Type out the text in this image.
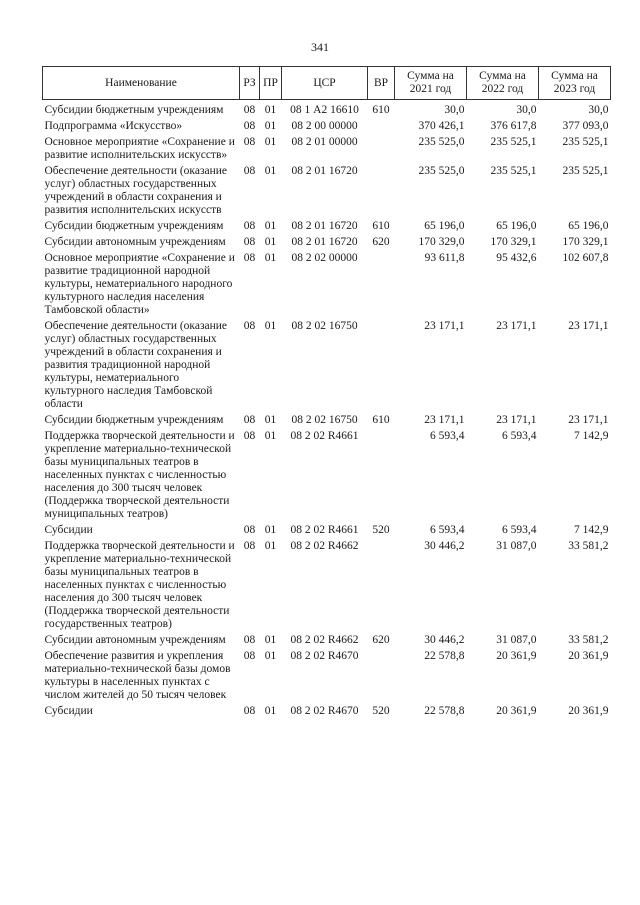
341
Наименование	РЗ	ПР	ЦСР	ВР	Сумма на 2021 год	Сумма на 2022 год	Сумма на 2023 год
Субсидии бюджетным учреждениям	08	01	08 1 А2 16610	610	30,0	30,0	30,0
Подпрограмма «Искусство»	08	01	08 2 00 00000		370 426,1	376 617,8	377 093,0
Основное мероприятие «Сохранение и развитие исполнительских искусств»	08	01	08 2 01 00000		235 525,0	235 525,1	235 525,1
Обеспечение деятельности (оказание услуг) областных государственных учреждений в области сохранения и развития исполнительских искусств	08	01	08 2 01 16720		235 525,0	235 525,1	235 525,1
Субсидии бюджетным учреждениям	08	01	08 2 01 16720	610	65 196,0	65 196,0	65 196,0
Субсидии автономным учреждениям	08	01	08 2 01 16720	620	170 329,0	170 329,1	170 329,1
Основное мероприятие «Сохранение и развитие традиционной народной культуры, нематериального народного культурного наследия населения Тамбовской области»	08	01	08 2 02 00000		93 611,8	95 432,6	102 607,8
Обеспечение деятельности (оказание услуг) областных государственных учреждений в области сохранения и развития традиционной народной культуры, нематериального культурного наследия Тамбовской области	08	01	08 2 02 16750		23 171,1	23 171,1	23 171,1
Субсидии бюджетным учреждениям	08	01	08 2 02 16750	610	23 171,1	23 171,1	23 171,1
Поддержка творческой деятельности и укрепление материально-технической базы муниципальных театров в населенных пунктах с численностью населения до 300 тысяч человек (Поддержка творческой деятельности муниципальных театров)	08	01	08 2 02 R4661		6 593,4	6 593,4	7 142,9
Субсидии	08	01	08 2 02 R4661	520	6 593,4	6 593,4	7 142,9
Поддержка творческой деятельности и укрепление материально-технической базы муниципальных театров в населенных пунктах с численностью населения до 300 тысяч человек (Поддержка творческой деятельности государственных театров)	08	01	08 2 02 R4662		30 446,2	31 087,0	33 581,2
Субсидии автономным учреждениям	08	01	08 2 02 R4662	620	30 446,2	31 087,0	33 581,2
Обеспечение развития и укрепления материально-технической базы домов культуры в населенных пунктах с числом жителей до 50 тысяч человек	08	01	08 2 02 R4670		22 578,8	20 361,9	20 361,9
Субсидии	08	01	08 2 02 R4670	520	22 578,8	20 361,9	20 361,9
